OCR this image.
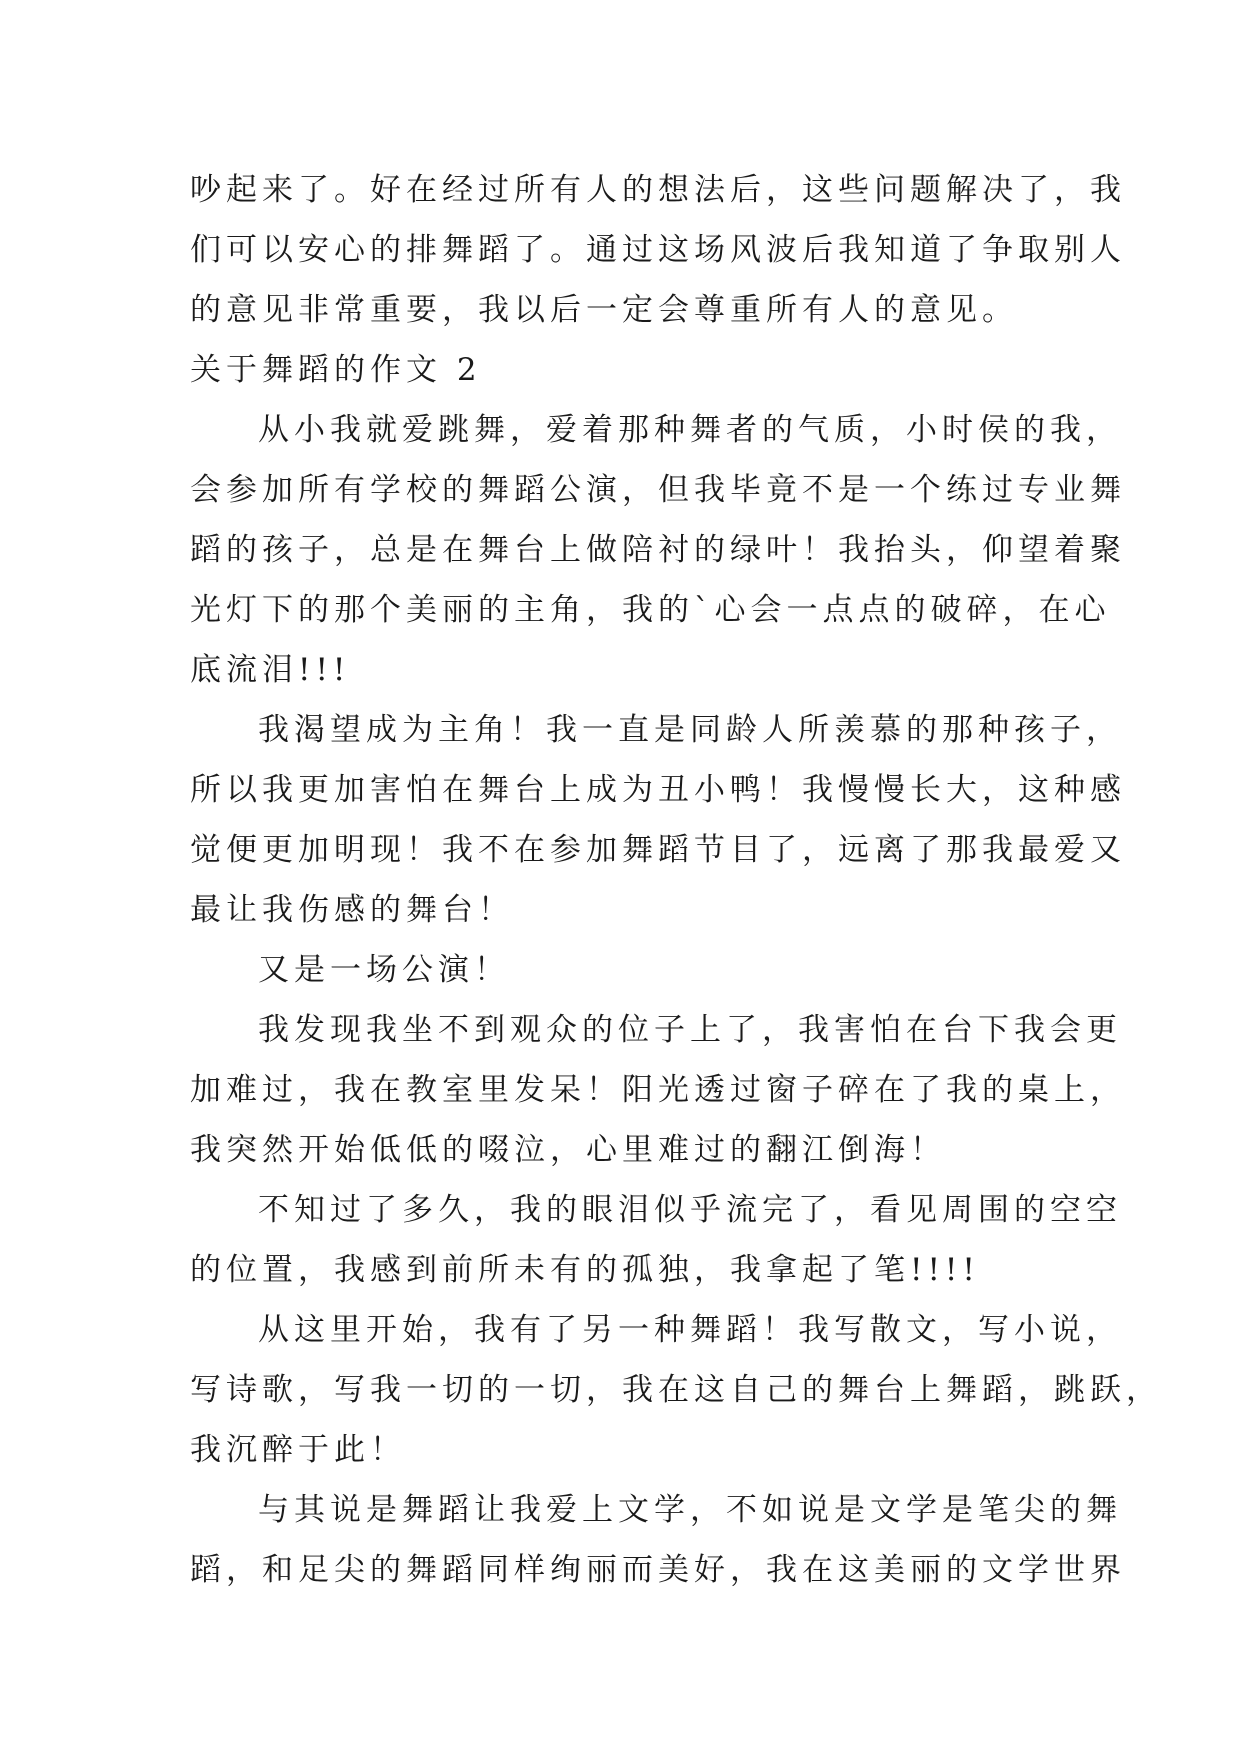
吵起来了。好在经过所有人的想法后，这些问题解决了，我
们可以安心的排舞蹈了。通过这场风波后我知道了争取别人
的意见非常重要，我以后一定会尊重所有人的意见。
关于舞蹈的作文 2
从小我就爱跳舞，爱着那种舞者的气质，小时侯的我，
会参加所有学校的舞蹈公演，但我毕竟不是一个练过专业舞
蹈的孩子，总是在舞台上做陪衬的绿叶！我抬头，仰望着聚
光灯下的那个美丽的主角，我的`心会一点点的破碎，在心
底流泪!!!
我渴望成为主角！我一直是同龄人所羡慕的那种孩子，
所以我更加害怕在舞台上成为丑小鸭！我慢慢长大，这种感
觉便更加明现！我不在参加舞蹈节目了，远离了那我最爱又
最让我伤感的舞台！
又是一场公演！
我发现我坐不到观众的位子上了，我害怕在台下我会更
加难过，我在教室里发呆！阳光透过窗子碎在了我的桌上，
我突然开始低低的啜泣，心里难过的翻江倒海！
不知过了多久，我的眼泪似乎流完了，看见周围的空空
的位置，我感到前所未有的孤独，我拿起了笔!!!!
从这里开始，我有了另一种舞蹈！我写散文，写小说，
写诗歌，写我一切的一切，我在这自己的舞台上舞蹈，跳跃，
我沉醉于此！
与其说是舞蹈让我爱上文学，不如说是文学是笔尖的舞
蹈，和足尖的舞蹈同样绚丽而美好，我在这美丽的文学世界
